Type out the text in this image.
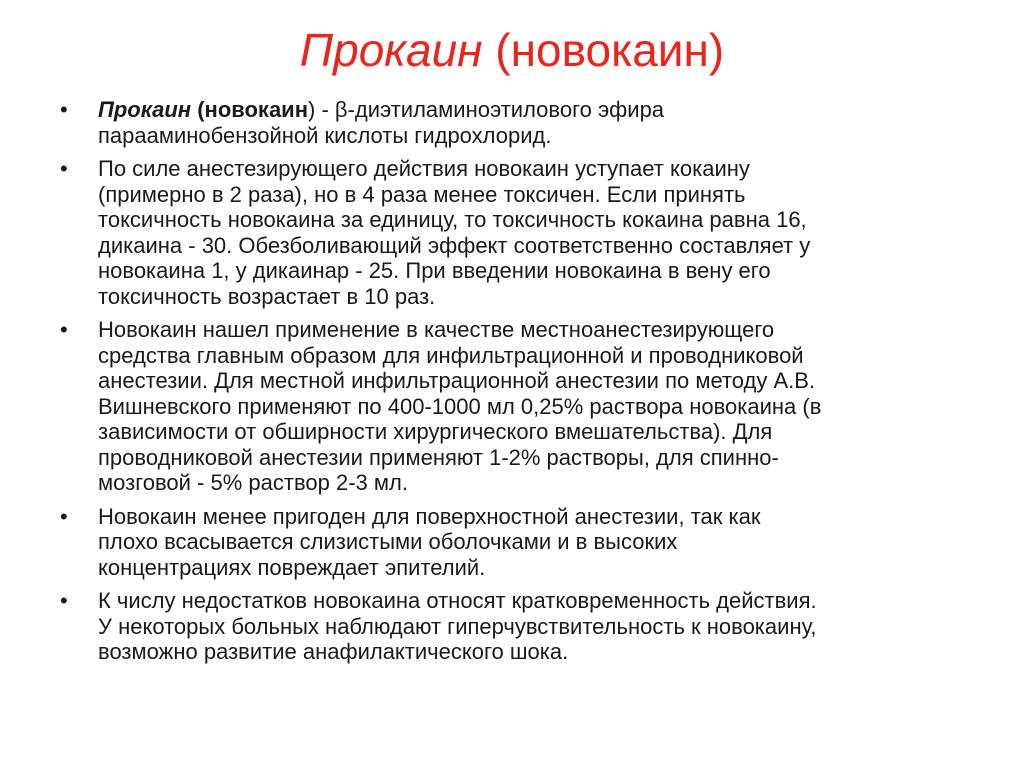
Прокаин (новокаин)
•	Прокаин (новокаин) - β-диэтиламиноэтилового эфира
парааминобензойной кислоты гидрохлорид.
•	По силе анестезирующего действия новокаин уступает кокаину
(примерно в 2 раза), но в 4 раза менее токсичен. Если принять
токсичность новокаина за единицу, то токсичность кокаина равна 16,
дикаина - 30. Обезболивающий эффект соответственно составляет у
новокаина 1, у дикаинаp - 25. При введении новокаина в вену его
токсичность возрастает в 10 раз.
•	Новокаин нашел применение в качестве местноанестезирующего
средства главным образом для инфильтрационной и проводниковой
анестезии. Для местной инфильтрационной анестезии по методу А.В.
Вишневского применяют по 400-1000 мл 0,25% раствора новокаина (в
зависимости от обширности хирургического вмешательства). Для
проводниковой анестезии применяют 1-2% растворы, для спинно-
мозговой - 5% раствор 2-3 мл.
•	Новокаин менее пригоден для поверхностной анестезии, так как
плохо всасывается слизистыми оболочками и в высоких
концентрациях повреждает эпителий.
•	К числу недостатков новокаина относят кратковременность действия.
У некоторых больных наблюдают гиперчувствительность к новокаину,
возможно развитие анафилактического шока.
